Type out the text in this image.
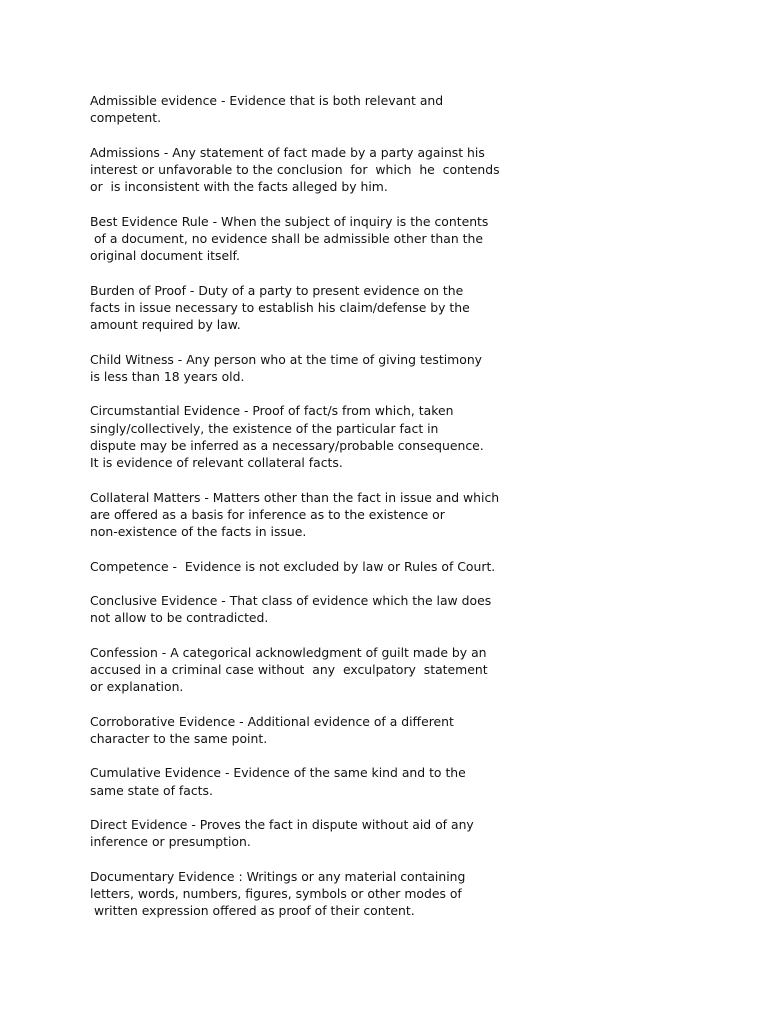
Admissible evidence - Evidence that is both relevant and
competent.
Admissions - Any statement of fact made by a party against his
interest or unfavorable to the conclusion  for  which  he  contends
or  is inconsistent with the facts alleged by him.
Best Evidence Rule - When the subject of inquiry is the contents
of a document, no evidence shall be admissible other than the
original document itself.
Burden of Proof - Duty of a party to present evidence on the
facts in issue necessary to establish his claim/defense by the
amount required by law.
Child Witness - Any person who at the time of giving testimony
is less than 18 years old.
Circumstantial Evidence - Proof of fact/s from which, taken
singly/collectively, the existence of the particular fact in
dispute may be inferred as a necessary/probable consequence.
It is evidence of relevant collateral facts.
Collateral Matters - Matters other than the fact in issue and which
are offered as a basis for inference as to the existence or
non-existence of the facts in issue.
Competence -  Evidence is not excluded by law or Rules of Court.
Conclusive Evidence - That class of evidence which the law does
not allow to be contradicted.
Confession - A categorical acknowledgment of guilt made by an
accused in a criminal case without  any  exculpatory  statement
or explanation.
Corroborative Evidence - Additional evidence of a different
character to the same point.
Cumulative Evidence - Evidence of the same kind and to the
same state of facts.
Direct Evidence - Proves the fact in dispute without aid of any
inference or presumption.
Documentary Evidence : Writings or any material containing
letters, words, numbers, figures, symbols or other modes of
written expression offered as proof of their content.
